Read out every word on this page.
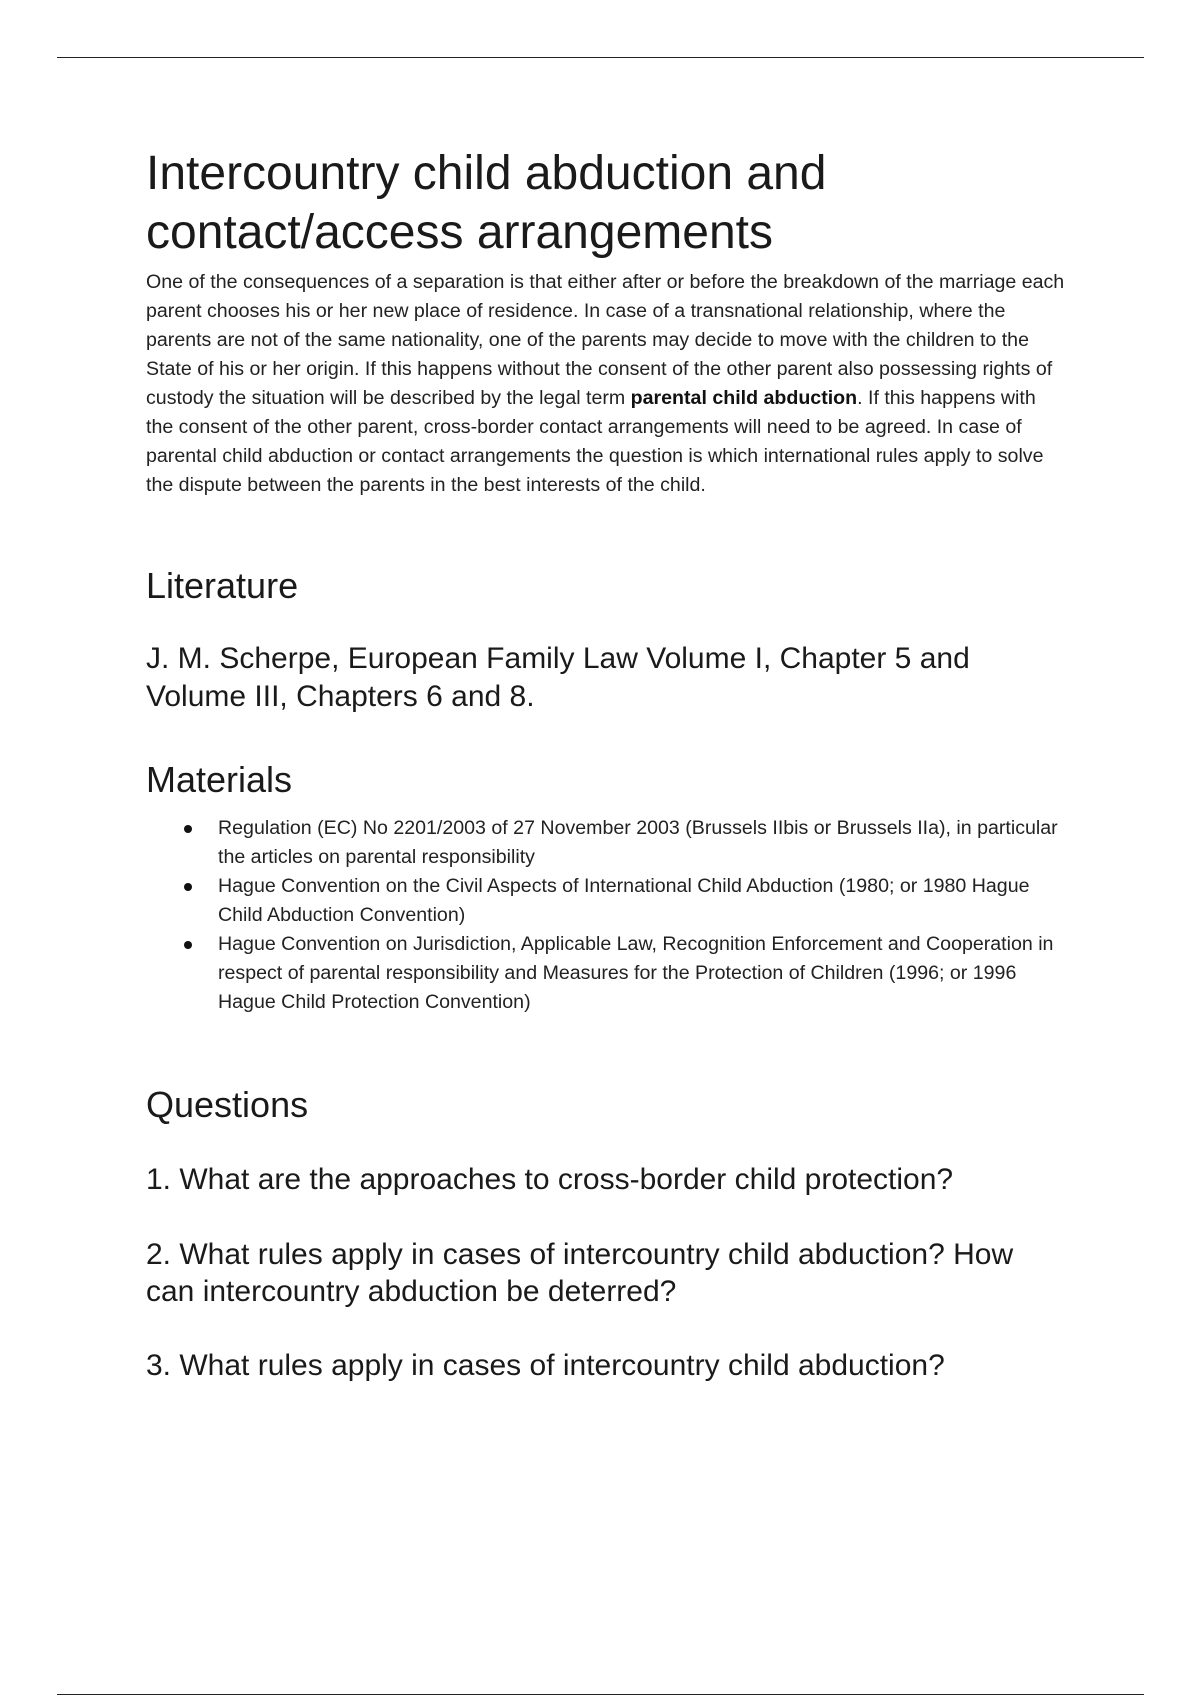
Intercountry child abduction and contact/access arrangements

One of the consequences of a separation is that either after or before the breakdown of the marriage each parent chooses his or her new place of residence. In case of a transnational relationship, where the parents are not of the same nationality, one of the parents may decide to move with the children to the State of his or her origin. If this happens without the consent of the other parent also possessing rights of custody the situation will be described by the legal term parental child abduction. If this happens with the consent of the other parent, cross-border contact arrangements will need to be agreed. In case of parental child abduction or contact arrangements the question is which international rules apply to solve the dispute between the parents in the best interests of the child.

Literature

J. M. Scherpe, European Family Law Volume I, Chapter 5 and Volume III, Chapters 6 and 8.

Materials
Regulation (EC) No 2201/2003 of 27 November 2003 (Brussels IIbis or Brussels IIa), in particular the articles on parental responsibility
Hague Convention on the Civil Aspects of International Child Abduction (1980; or 1980 Hague Child Abduction Convention)
Hague Convention on Jurisdiction, Applicable Law, Recognition Enforcement and Cooperation in respect of parental responsibility and Measures for the Protection of Children (1996; or 1996 Hague Child Protection Convention)
Questions

1. What are the approaches to cross-border child protection?

2. What rules apply in cases of intercountry child abduction? How can intercountry abduction be deterred?

3. What rules apply in cases of intercountry child abduction?
